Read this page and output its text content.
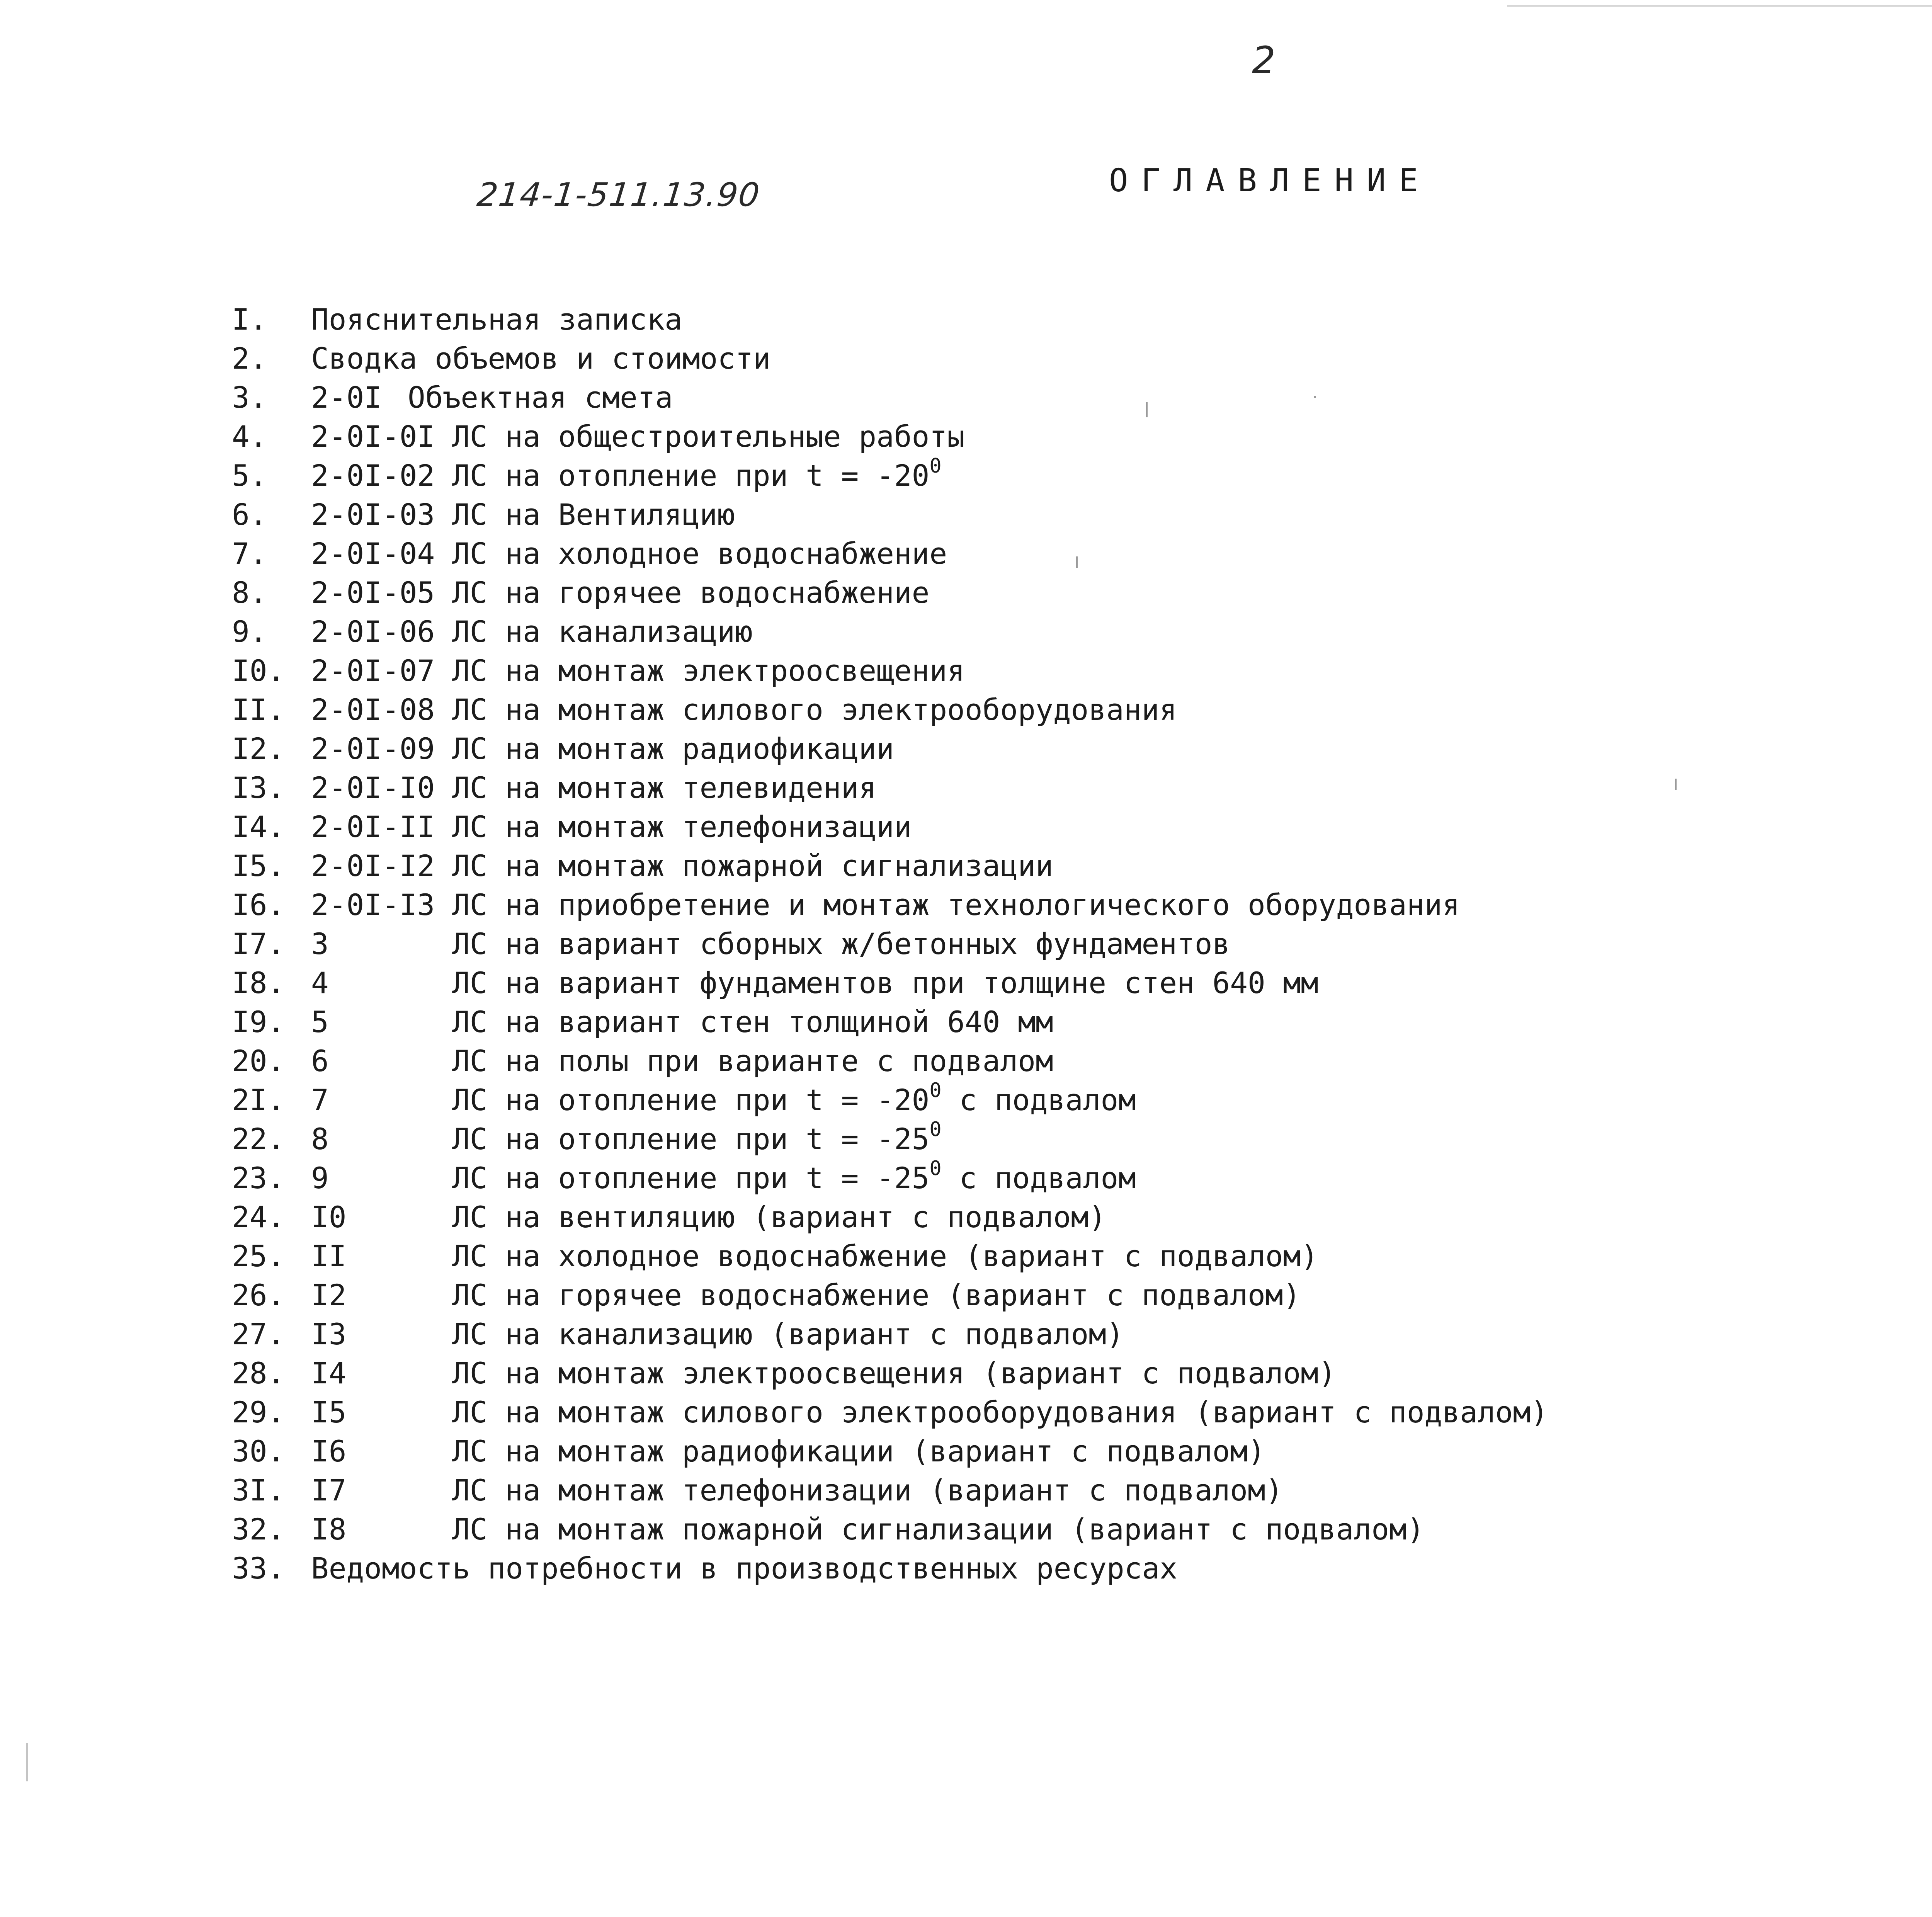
2
214-1-511.13.90	ОГЛАВЛЕНИЕ
I. Пояснительная записка
2. Сводка объемов и стоимости
3. 2-0I Объектная смета
4. 2-0I-0I ЛС на общестроительные работы
5. 2-0I-02 ЛС на отопление при $t = -20^0$
6. 2-0I-03 ЛС на Вентиляцию
7. 2-0I-04 ЛС на холодное водоснабжение
8. 2-0I-05 ЛС на горячее водоснабжение
9. 2-0I-06 ЛС на канализацию
I0. 2-0I-07 ЛС на монтаж электроосвещения
II. 2-0I-08 ЛС на монтаж силового электрооборудования
I2. 2-0I-09 ЛС на монтаж радиофикации
I3. 2-0I-I0 ЛС на монтаж телевидения
I4. 2-0I-II ЛС на монтаж телефонизации
I5. 2-0I-I2 ЛС на монтаж пожарной сигнализации
I6. 2-0I-I3 ЛС на приобретение и монтаж технологического оборудования
I7. 3	ЛС на вариант сборных ж/бетонных фундаментов
I8. 4	ЛС на вариант фундаментов при толщине стен 640 мм
I9. 5	ЛС на вариант стен толщиной 640 мм
20. 6	ЛС на полы при варианте с подвалом
2I. 7	ЛС на отопление при $t = -20^0$ с подвалом
22. 8	ЛС на отопление при $t = -25^0$
23. 9	ЛС на отопление при $t = -25^0$ с подвалом
24. I0	ЛС на вентиляцию (вариант с подвалом)
25. II	ЛС на холодное водоснабжение (вариант с подвалом)
26. I2	ЛС на горячее водоснабжение (вариант с подвалом)
27. I3	ЛС на канализацию (вариант с подвалом)
28. I4	ЛС на монтаж электроосвещения (вариант с подвалом)
29. I5	ЛС на монтаж силового электрооборудования (вариант с подвалом)
30. I6	ЛС на монтаж радиофикации (вариант с подвалом)
3I. I7	ЛС на монтаж телефонизации (вариант с подвалом)
32. I8	ЛС на монтаж пожарной сигнализации (вариант с подвалом)
33. Ведомость потребности в производственных ресурсах
